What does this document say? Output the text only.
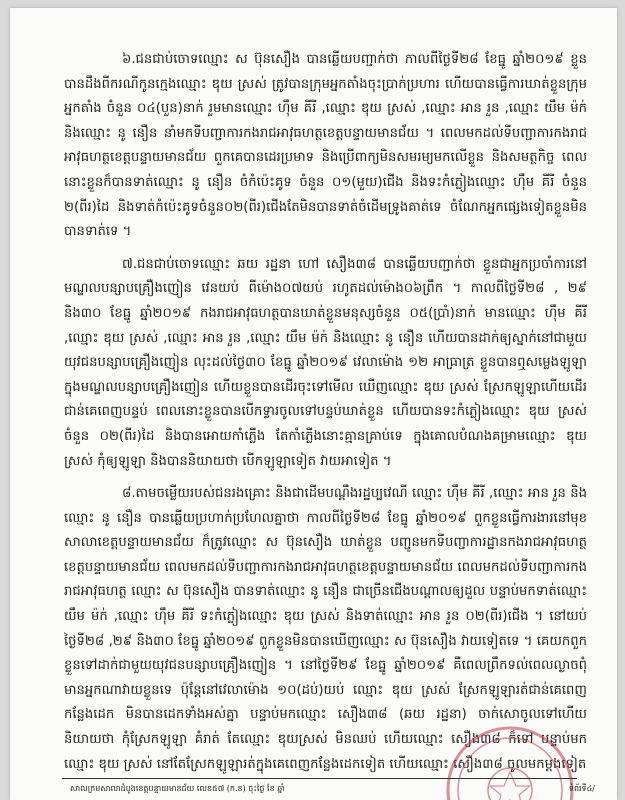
៦.ជនជាប់ចោទឈ្មោះ ស ប៊ុនសឿង បានឆ្លើយបញ្ជាក់ថា កាលពីថ្ងៃទី២៨ ខែធ្នូ ឆ្នាំ២០១៩ ខ្លួនបានដឹងពីករណីកូនក្មេងឈ្មោះ ឌុយ ស្រស់ ត្រូវបានក្រុមអ្នកតាំងចុះប្រាក់ប្រហារ ហើយបានធ្វើការឃាត់ខ្លួនក្រុមអ្នកតាំង ចំនួន ០៤(បួន)នាក់ រួមមានឈ្មោះ ហ៊ឹម គីរី ,ឈ្មោះ ឌុយ ស្រស់ ,ឈ្មោះ អាន រួន ,ឈ្មោះ យឹម ម៉ក់ និងឈ្មោះ នូ នឿន នាំមកទីបញ្ជាការកងរាជអាវុធហត្ថខេត្តបន្ទាយមានជ័យ ។ ពេលមកដល់ទីបញ្ជាការកងរាជអាវុធហត្ថខេត្តបន្ទាយមានជ័យ ពួកគេបានដេរប្រមាទ និងប្រើពាក្យមិនសមរម្យមកលើខ្លួន និងសមត្ថកិច្ច ពេលនោះខ្លួនក៏បានទាត់ឈ្មោះ នូ នឿន ចំកំប៉េះគូទ ចំនួន ០១(មួយ)ជើង និងទះកំភ្លៀងឈ្មោះ ហ៊ឹម គីរី ចំនួន ២(ពីរ)ដៃ និងទាត់កំប៉េះគូទចំនួន០២(ពីរ)ជើងតែមិនបានទាត់ចំដើមទ្រូងគាត់ទេ ចំណែកអ្នកផ្សេងទៀតខ្លួនមិនបានទាត់ទេ ។

៧.ជនជាប់ចោទឈ្មោះ ឆយ រដ្ឋនា ហៅ សឿង៣៨ បានឆ្លើយបញ្ជាក់ថា ខ្លួនជាអ្នកប្រចាំការនៅមណ្ឌលបន្សាបគ្រឿងញៀន វេនយប់ ពីម៉ោង០៧យប់ រហូតដល់ម៉ោង០៦ព្រឹក ។ កាលពីថ្ងៃទី២៨ , ២៩ និង៣០ ខែធ្នូ ឆ្នាំ២០១៩ កងរាជអាវុធហត្ថបានឃាត់ខ្លួនមនុស្សចំនួន ០៥(ប្រាំ)នាក់ មានឈ្មោះ ហ៊ឹម គីរី ,ឈ្មោះ ឌុយ ស្រស់ ,ឈ្មោះ អាន រួន ,ឈ្មោះ យឹម ម៉ក់ និងឈ្មោះ នូ នឿន ហើយបានដាក់ឲ្យស្នាក់នៅជាមួយយុវជនបន្សាបគ្រឿងញៀន លុះដល់ថ្ងៃ៣០ ខែធ្នូ ឆ្នាំ២០១៩ វេលាម៉ោង ១២ អាធ្រាត្រ ខ្លួនបានឮសម្លេងឡូឡាក្នុងមណ្ឌលបន្សាបគ្រឿងញៀន ហើយខ្លួនបានដើរចុះទៅមើល ឃើញឈ្មោះ ឌុយ ស្រស់ ស្រែកឡូឡាហើយដើរជាន់គេពេញបន្ទប់ ពេលនោះខ្លួនបានបើកទ្វារចូលទៅបន្ទប់ឃាត់ខ្លួន ហើយបានទះកំភ្លៀងឈ្មោះ ឌុយ ស្រស់ ចំនួន ០២(ពីរ)ដៃ និងបានអោយកាំភ្លើង តែកាំភ្លើងនោះគ្មានគ្រាប់ទេ ក្នុងគោលបំណងគម្រាមឈ្មោះ ឌុយ ស្រស់ កុំឲ្យឡូឡា និងបាននិយាយថា បើកឡូឡាទៀត វាយអាទៀត ។

៨.តាមចម្លើយរបស់ជនរងគ្រោះ និងជាដើមបណ្តឹងរដ្ឋប្បវេណី ឈ្មោះ ហ៊ឹម គីរី ,ឈ្មោះ អាន រួន និងឈ្មោះ នូ នឿន បានឆ្លើយប្រហាក់ប្រហែលគ្នាថា កាលពីថ្ងៃទី២៨ ខែធ្នូ ឆ្នាំ២០១៩ ពួកខ្លួនធ្វើការងារនៅមុខសាលាខេត្តបន្ទាយមានជ័យ ក៏ត្រូវឈ្មោះ ស ប៊ុនសឿង ឃាត់ខ្លួន បញ្ជូនមកទីបញ្ជាការដ្ឋានកងរាជអាវុធហត្ថខេត្តបន្ទាយមានជ័យ ពេលមកដល់ទីបញ្ជាការកងរាជអាវុធហត្ថខេត្តបន្ទាយមានជ័យ ពេលមកដល់ទីបញ្ជាការកងរាជអាវុធហត្ថ ឈ្មោះ ស ប៊ុនសឿង បានទាត់ឈ្មោះ នូ នឿន ជាច្រើនជើងបណ្តាលឲ្យដួល បន្ទាប់មកទាត់ឈ្មោះ យឹម ម៉ក់ ,ឈ្មោះ ហ៊ឹម គីរី ទះកំភ្លៀងឈ្មោះ ឌុយ ស្រស់ និងទាត់ឈ្មោះ អាន រួន ០២(ពីរ)ជើង ។ នៅយប់ថ្ងៃទី២៨ ,២៩ និង៣០ ខែធ្នូ ឆ្នាំ២០១៩ ពួកខ្លួនមិនបានឃើញឈ្មោះ ស ប៊ុនសឿង វាយទៀតទេ ។ គេយកពួកខ្លួនទៅដាក់ជាមួយយុវជនបន្សាបគ្រឿងញៀន ។ នៅថ្ងៃទី២៩ ខែធ្នូ ឆ្នាំ២០១៩ គឺពេលព្រឹកទល់ពេលល្ងាចពុំមានអ្នកណាវាយខ្លួនទេ ប៉ុន្តែនៅវេលាម៉ោង ១០(ដប់)យប់ ឈ្មោះ ឌុយ ស្រស់ ស្រែកឡូឡារត់ជាន់គេពេញកន្លែងដេក មិនបានដេកទាំងអស់គ្នា បន្ទាប់មកឈ្មោះ សឿង៣៨ (ឆយ រដ្ឋនា) ចាក់សោចូលទៅហើយនិយាយថា កុំស្រែកឡូឡា គំរាត់ តែឈ្មោះ ឌុយស្រស់ មិនឈប់ ហើយឈ្មោះ សឿង៣៨ ក៏ទៅ បន្ទាប់មកឈ្មោះ ឌុយ ស្រស់ នៅតែស្រែកឡូឡារត់ក្នុងគេពេញកន្លែងដេកទៀត ហើយឈ្មោះ សឿង៣៨ ចូលមកម្តងទៀត

សាលក្រមសាលាដំបូងខេត្តបន្ទាយមានជ័យ លេខ៥៧ (ក.ខ) ចុះថ្ងៃ ខែ ឆ្នាំ	ទំព័រទី៤/
